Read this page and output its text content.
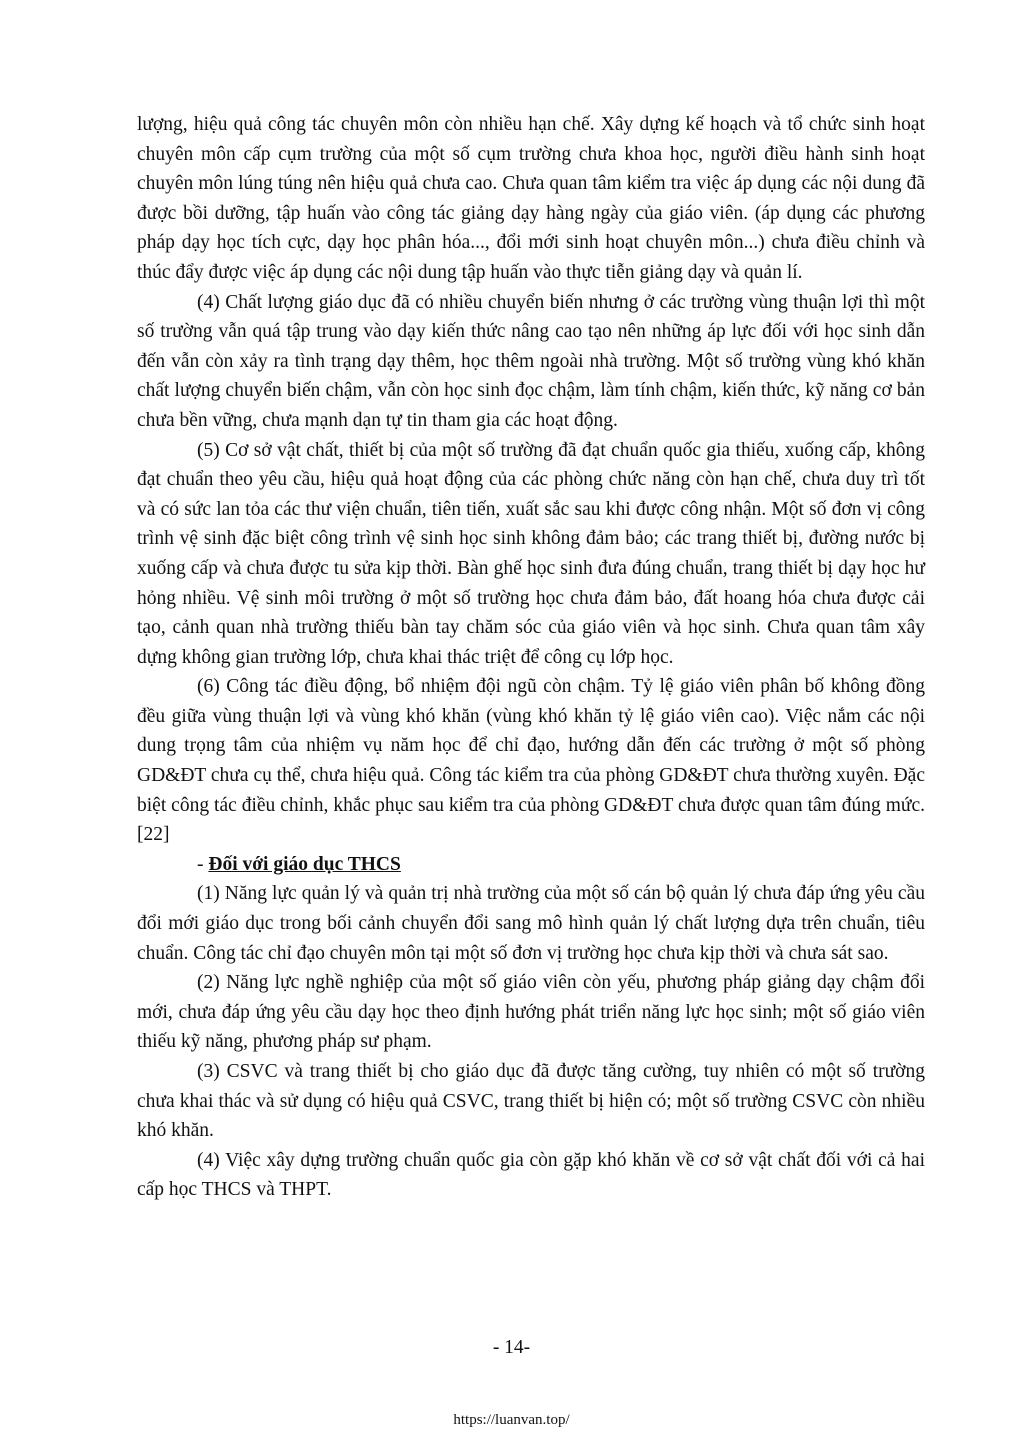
lượng, hiệu quả công tác chuyên môn còn nhiều hạn chế. Xây dựng kế hoạch và tổ chức sinh hoạt chuyên môn cấp cụm trường của một số cụm trường chưa khoa học, người điều hành sinh hoạt chuyên môn lúng túng nên hiệu quả chưa cao. Chưa quan tâm kiểm tra việc áp dụng các nội dung đã được bồi dưỡng, tập huấn vào công tác giảng dạy hàng ngày của giáo viên. (áp dụng các phương pháp dạy học tích cực, dạy học phân hóa..., đổi mới sinh hoạt chuyên môn...) chưa điều chỉnh và thúc đẩy được việc áp dụng các nội dung tập huấn vào thực tiễn giảng dạy và quản lí.

(4) Chất lượng giáo dục đã có nhiều chuyển biến nhưng ở các trường vùng thuận lợi thì một số trường vẫn quá tập trung vào dạy kiến thức nâng cao tạo nên những áp lực đối với học sinh dẫn đến vẫn còn xảy ra tình trạng dạy thêm, học thêm ngoài nhà trường. Một số trường vùng khó khăn chất lượng chuyển biến chậm, vẫn còn học sinh đọc chậm, làm tính chậm, kiến thức, kỹ năng cơ bản chưa bền vững, chưa mạnh dạn tự tin tham gia các hoạt động.

(5) Cơ sở vật chất, thiết bị của một số trường đã đạt chuẩn quốc gia thiếu, xuống cấp, không đạt chuẩn theo yêu cầu, hiệu quả hoạt động của các phòng chức năng còn hạn chế, chưa duy trì tốt và có sức lan tỏa các thư viện chuẩn, tiên tiến, xuất sắc sau khi được công nhận. Một số đơn vị công trình vệ sinh đặc biệt công trình vệ sinh học sinh không đảm bảo; các trang thiết bị, đường nước bị xuống cấp và chưa được tu sửa kịp thời. Bàn ghế học sinh đưa đúng chuẩn, trang thiết bị dạy học hư hỏng nhiều. Vệ sinh môi trường ở một số trường học chưa đảm bảo, đất hoang hóa chưa được cải tạo, cảnh quan nhà trường thiếu bàn tay chăm sóc của giáo viên và học sinh. Chưa quan tâm xây dựng không gian trường lớp, chưa khai thác triệt để công cụ lớp học.

(6) Công tác điều động, bổ nhiệm đội ngũ còn chậm. Tỷ lệ giáo viên phân bố không đồng đều giữa vùng thuận lợi và vùng khó khăn (vùng khó khăn tỷ lệ giáo viên cao). Việc nắm các nội dung trọng tâm của nhiệm vụ năm học để chỉ đạo, hướng dẫn đến các trường ở một số phòng GD&ĐT chưa cụ thể, chưa hiệu quả. Công tác kiểm tra của phòng GD&ĐT chưa thường xuyên. Đặc biệt công tác điều chỉnh, khắc phục sau kiểm tra của phòng GD&ĐT chưa được quan tâm đúng mức.[22]

- Đối với giáo dục THCS

(1) Năng lực quản lý và quản trị nhà trường của một số cán bộ quản lý chưa đáp ứng yêu cầu đổi mới giáo dục trong bối cảnh chuyển đổi sang mô hình quản lý chất lượng dựa trên chuẩn, tiêu chuẩn. Công tác chỉ đạo chuyên môn tại một số đơn vị trường học chưa kịp thời và chưa sát sao.

(2) Năng lực nghề nghiệp của một số giáo viên còn yếu, phương pháp giảng dạy chậm đổi mới, chưa đáp ứng yêu cầu dạy học theo định hướng phát triển năng lực học sinh; một số giáo viên thiếu kỹ năng, phương pháp sư phạm.

(3) CSVC và trang thiết bị cho giáo dục đã được tăng cường, tuy nhiên có một số trường chưa khai thác và sử dụng có hiệu quả CSVC, trang thiết bị hiện có; một số trường CSVC còn nhiều khó khăn.

(4) Việc xây dựng trường chuẩn quốc gia còn gặp khó khăn về cơ sở vật chất đối với cả hai cấp học THCS và THPT.

- 14-
https://luanvan.top/
